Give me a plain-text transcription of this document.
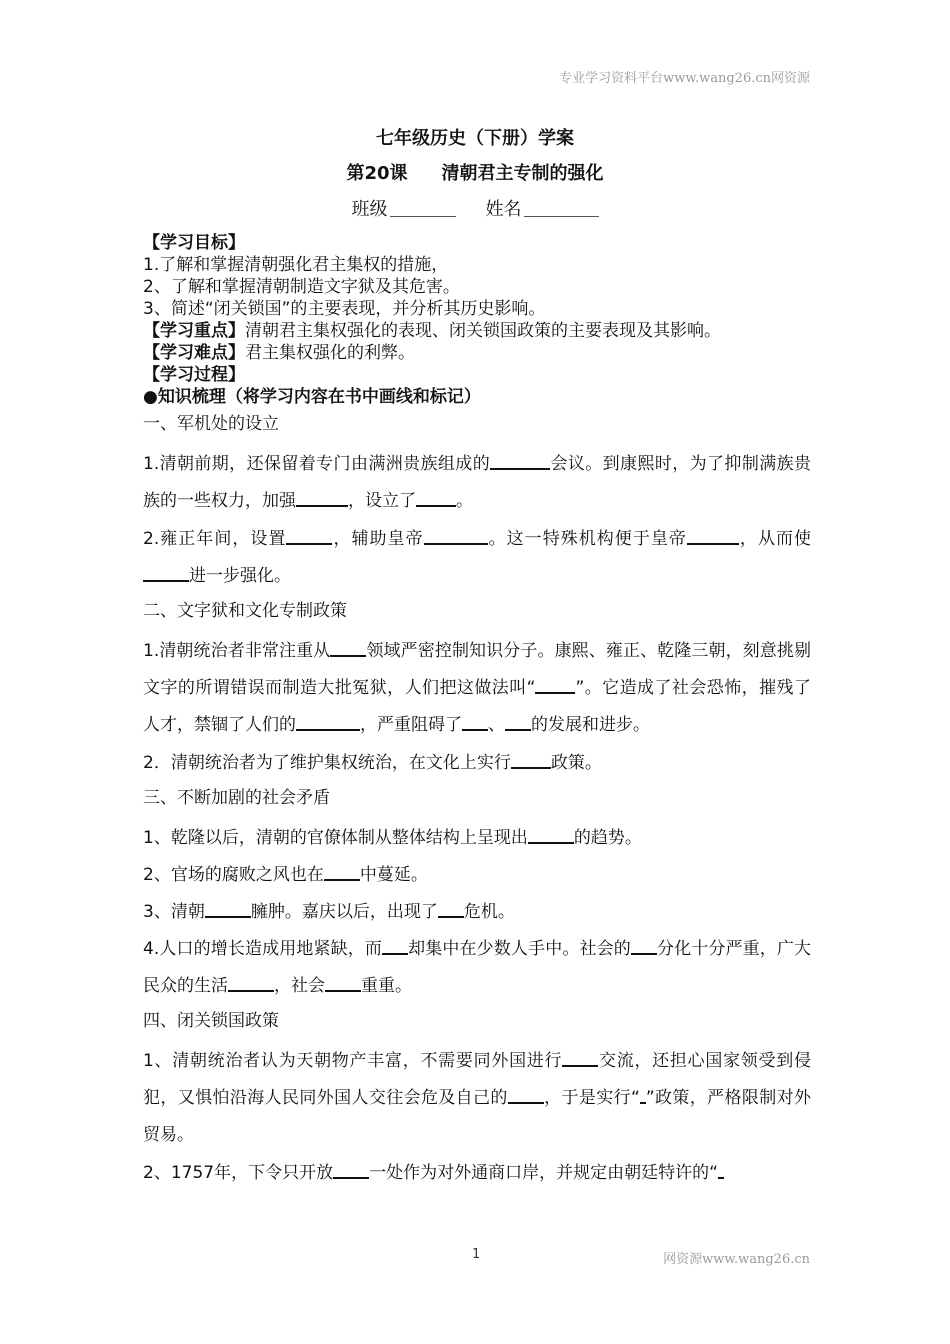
专业学习资料平台www.wang26.cn网资源
七年级历史（下册）学案
第20课 清朝君主专制的强化
班级	姓名
【学习目标】
1.了解和掌握清朝强化君主集权的措施，
2、了解和掌握清朝制造文字狱及其危害。
3、简述“闭关锁国”的主要表现，并分析其历史影响。
【学习重点】清朝君主集权强化的表现、闭关锁国政策的主要表现及其影响。
【学习难点】君主集权强化的利弊。
【学习过程】
●知识梳理（将学习内容在书中画线和标记）
一、军机处的设立
1.清朝前期，还保留着专门由满洲贵族组成的	会议。到康熙时，为了抑制满族贵族的一些权力，加强	，设立了 。
2.雍正年间，设置	，辅助皇帝	。这一特殊机构便于皇帝	，从而使进一步强化。
二、文字狱和文化专制政策
1.清朝统治者非常注重从 领域严密控制知识分子。康熙、雍正、乾隆三朝，刻意挑剔文字的所谓错误而制造大批冤狱，人们把这做法叫“ ”。它造成了社会恐怖，摧残了人才，禁锢了人们的	，严重阻碍了 、 的发展和进步。
2．清朝统治者为了维护集权统治，在文化上实行 政策。
三、不断加剧的社会矛盾
1、乾隆以后，清朝的官僚体制从整体结构上呈现出	的趋势。
2、官场的腐败之风也在 中蔓延。
3、清朝	臃肿。嘉庆以后，出现了 危机。
4.人口的增长造成用地紧缺，而 却集中在少数人手中。社会的 分化十分严重，广大民众的生活	，社会 重重。
四、闭关锁国政策
1、清朝统治者认为天朝物产丰富，不需要同外国进行 交流，还担心国家领受到侵犯，又惧怕沿海人民同外国人交往会危及自己的 ，于是实行“ ”政策，严格限制对外贸易。
2、1757年，下令只开放 一处作为对外通商口岸，并规定由朝廷特许的“
1	网资源www.wang26.cn
